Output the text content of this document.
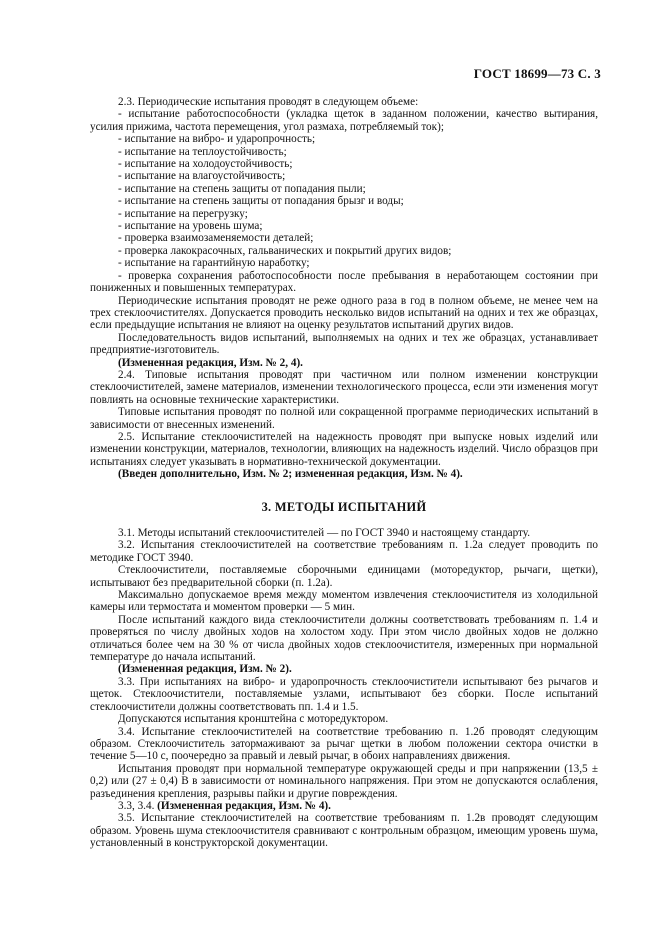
ГОСТ 18699—73 С. 3

2.3. Периодические испытания проводят в следующем объеме:

- испытание работоспособности (укладка щеток в заданном положении, качество вытирания, усилия прижима, частота перемещения, угол размаха, потребляемый ток);

- испытание на вибро- и ударопрочность;

- испытание на теплоустойчивость;

- испытание на холодоустойчивость;

- испытание на влагоустойчивость;

- испытание на степень защиты от попадания пыли;

- испытание на степень защиты от попадания брызг и воды;

- испытание на перегрузку;

- испытание на уровень шума;

- проверка взаимозаменяемости деталей;

- проверка лакокрасочных, гальванических и покрытий других видов;

- испытание на гарантийную наработку;

- проверка сохранения работоспособности после пребывания в неработающем состоянии при пониженных и повышенных температурах.

Периодические испытания проводят не реже одного раза в год в полном объеме, не менее чем на трех стеклоочистителях. Допускается проводить несколько видов испытаний на одних и тех же образцах, если предыдущие испытания не влияют на оценку результатов испытаний других видов.

Последовательность видов испытаний, выполняемых на одних и тех же образцах, устанавливает предприятие-изготовитель.

(Измененная редакция, Изм. № 2, 4).

2.4. Типовые испытания проводят при частичном или полном изменении конструкции стеклоочистителей, замене материалов, изменении технологического процесса, если эти изменения могут повлиять на основные технические характеристики.

Типовые испытания проводят по полной или сокращенной программе периодических испытаний в зависимости от внесенных изменений.

2.5. Испытание стеклоочистителей на надежность проводят при выпуске новых изделий или изменении конструкции, материалов, технологии, влияющих на надежность изделий. Число образцов при испытаниях следует указывать в нормативно-технической документации.

(Введен дополнительно, Изм. № 2; измененная редакция, Изм. № 4).

3. МЕТОДЫ ИСПЫТАНИЙ

3.1. Методы испытаний стеклоочистителей — по ГОСТ 3940 и настоящему стандарту.

3.2. Испытания стеклоочистителей на соответствие требованиям п. 1.2а следует проводить по методике ГОСТ 3940.

Стеклоочистители, поставляемые сборочными единицами (моторедуктор, рычаги, щетки), испытывают без предварительной сборки (п. 1.2а).

Максимально допускаемое время между моментом извлечения стеклоочистителя из холодильной камеры или термостата и моментом проверки — 5 мин.

После испытаний каждого вида стеклоочистители должны соответствовать требованиям п. 1.4 и проверяться по числу двойных ходов на холостом ходу. При этом число двойных ходов не должно отличаться более чем на 30 % от числа двойных ходов стеклоочистителя, измеренных при нормальной температуре до начала испытаний.

(Измененная редакция, Изм. № 2).

3.3. При испытаниях на вибро- и ударопрочность стеклоочистители испытывают без рычагов и щеток. Стеклоочистители, поставляемые узлами, испытывают без сборки. После испытаний стеклоочистители должны соответствовать пп. 1.4 и 1.5.

Допускаются испытания кронштейна с моторедуктором.

3.4. Испытание стеклоочистителей на соответствие требованию п. 1.2б проводят следующим образом. Стеклоочиститель затормаживают за рычаг щетки в любом положении сектора очистки в течение 5—10 с, поочередно за правый и левый рычаг, в обоих направлениях движения.

Испытания проводят при нормальной температуре окружающей среды и при напряжении (13,5 ± 0,2) или (27 ± 0,4) В в зависимости от номинального напряжения. При этом не допускаются ослабления, разъединения крепления, разрывы пайки и другие повреждения.

3.3, 3.4. (Измененная редакция, Изм. № 4).

3.5. Испытание стеклоочистителей на соответствие требованиям п. 1.2в проводят следующим образом. Уровень шума стеклоочистителя сравнивают с контрольным образцом, имеющим уровень шума, установленный в конструкторской документации.
